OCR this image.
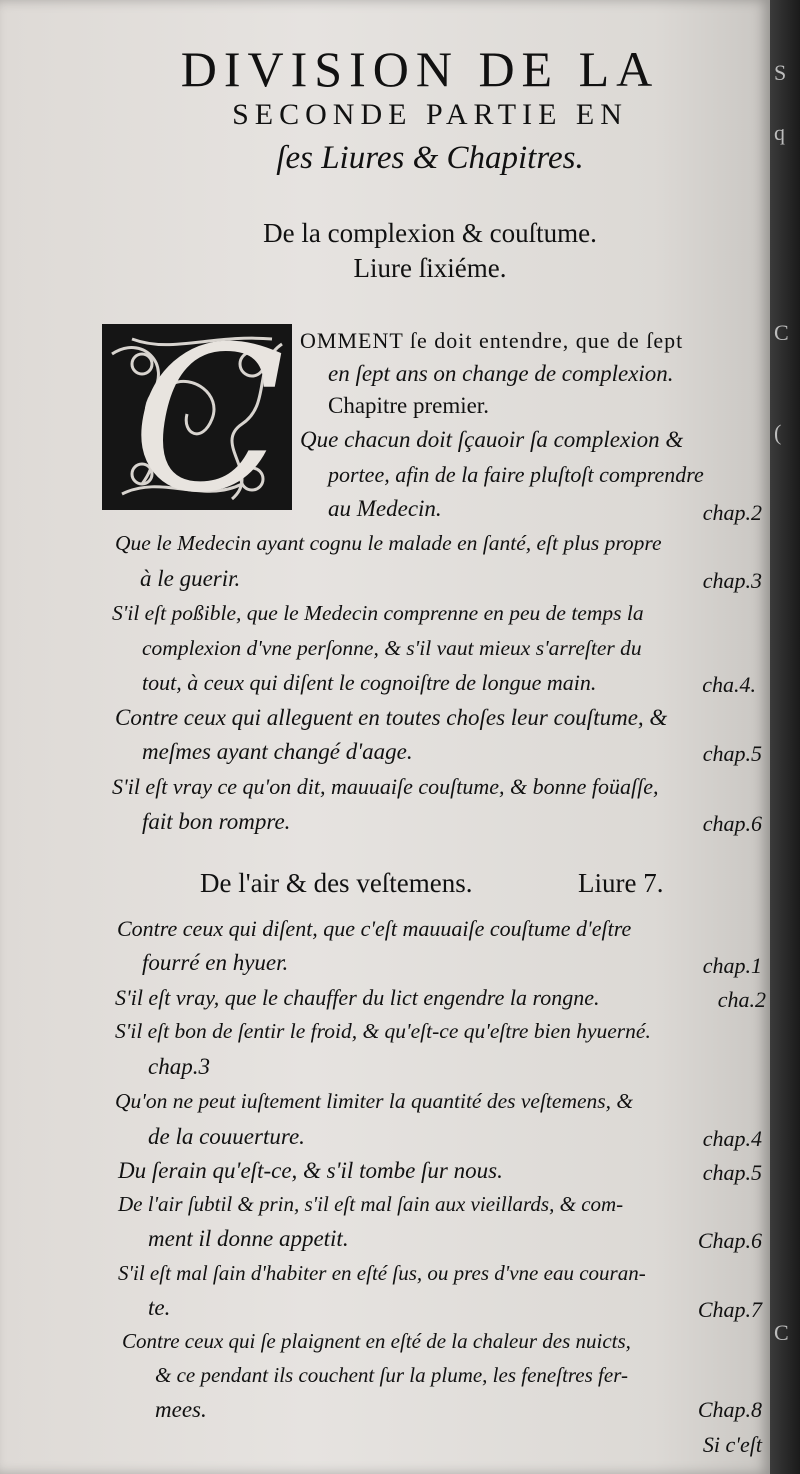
DIVISION DE LA
SECONDE PARTIE EN
ſes Liures & Chapitres.
De la complexion & couſtume.
Liure ſixiéme.
C OMMENT ſe doit entendre, que de ſept
en ſept ans on change de complexion.
Chapitre premier.
Que chacun doit ſçauoir ſa complexion &
portee, afin de la faire pluſtoſt comprendre
au Medecin.	chap.2
Que le Medecin ayant cognu le malade en ſanté, eſt plus propre
à le guerir.	chap.3
S'il eſt poßible, que le Medecin comprenne en peu de temps la
complexion d'vne perſonne, & s'il vaut mieux s'arreſter du
tout, à ceux qui diſent le cognoiſtre de longue main.	cha.4.
Contre ceux qui alleguent en toutes choſes leur couſtume, &
meſmes ayant changé d'aage.	chap.5
S'il eſt vray ce qu'on dit, mauuaiſe couſtume, & bonne foüaſſe,
fait bon rompre.	chap.6
De l'air & des veſtemens.	Liure 7.
Contre ceux qui diſent, que c'eſt mauuaiſe couſtume d'eſtre
fourré en hyuer.	chap.1
S'il eſt vray, que le chauffer du lict engendre la rongne.	cha.2
S'il eſt bon de ſentir le froid, & qu'eſt-ce qu'eſtre bien hyuerné.
chap.3
Qu'on ne peut iuſtement limiter la quantité des veſtemens, &
de la couuerture.	chap.4
Du ſerain qu'eſt-ce, & s'il tombe ſur nous.	chap.5
De l'air ſubtil & prin, s'il eſt mal ſain aux vieillards, & com-
ment il donne appetit.	Chap.6
S'il eſt mal ſain d'habiter en eſté ſus, ou pres d'vne eau couran-
te.	Chap.7
Contre ceux qui ſe plaignent en eſté de la chaleur des nuicts,
& ce pendant ils couchent ſur la plume, les feneſtres fer-
mees.	Chap.8
Si c'eſt
S
q
C
(
C
